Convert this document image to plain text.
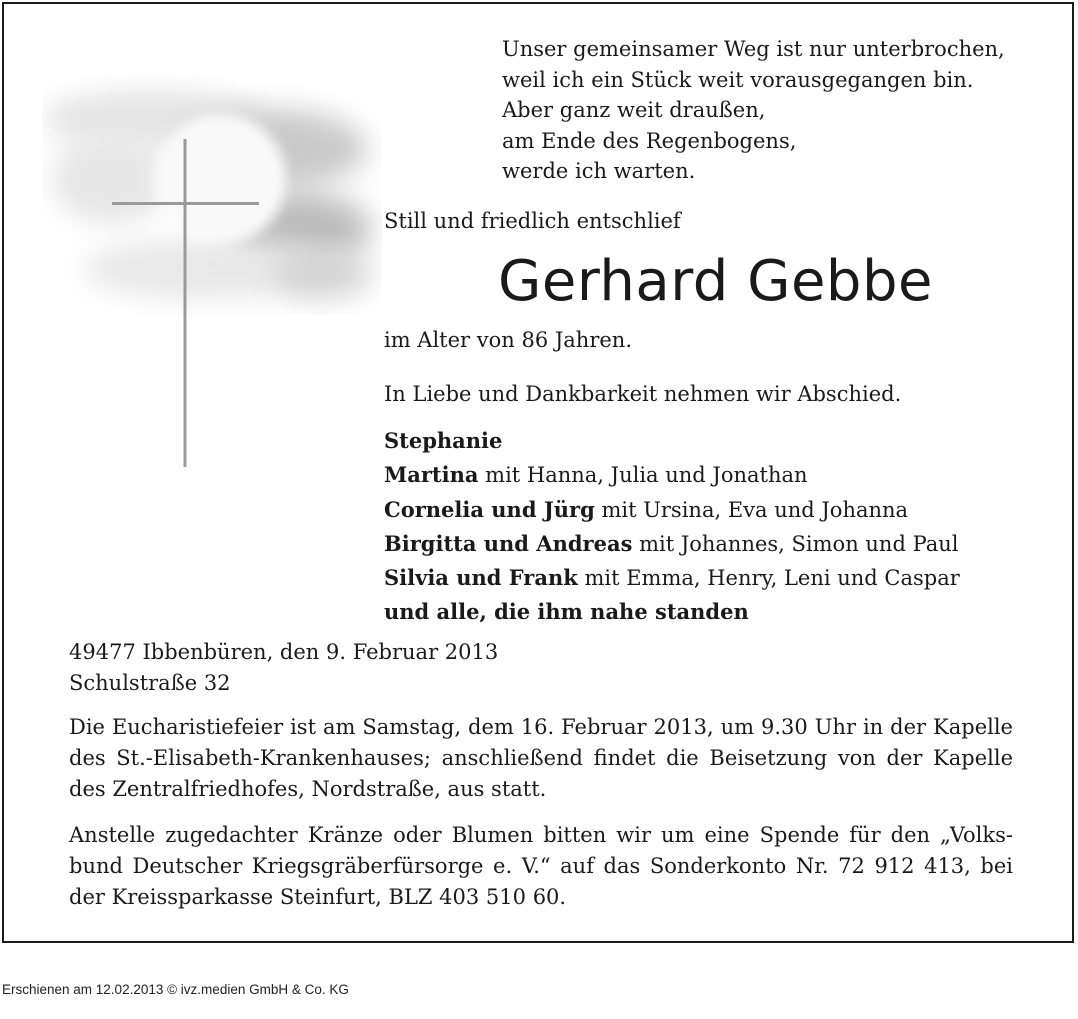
Unser gemeinsamer Weg ist nur unterbrochen,
weil ich ein Stück weit vorausgegangen bin.
Aber ganz weit draußen,
am Ende des Regenbogens,
werde ich warten.
Still und friedlich entschlief
Gerhard Gebbe
im Alter von 86 Jahren.
In Liebe und Dankbarkeit nehmen wir Abschied.
Stephanie
Martina mit Hanna, Julia und Jonathan
Cornelia und Jürg mit Ursina, Eva und Johanna
Birgitta und Andreas mit Johannes, Simon und Paul
Silvia und Frank mit Emma, Henry, Leni und Caspar
und alle, die ihm nahe standen
49477 Ibbenbüren, den 9. Februar 2013
Schulstraße 32
Die Eucharistiefeier ist am Samstag, dem 16. Februar 2013, um 9.30 Uhr in der Kapelle des St.-Elisabeth-Krankenhauses; anschließend findet die Beisetzung von der Kapelle des Zentralfriedhofes, Nordstraße, aus statt.
Anstelle zugedachter Kränze oder Blumen bitten wir um eine Spende für den „Volks-bund Deutscher Kriegsgräberfürsorge e. V.“ auf das Sonderkonto Nr. 72 912 413, bei der Kreissparkasse Steinfurt, BLZ 403 510 60.
Erschienen am 12.02.2013 © ivz.medien GmbH & Co. KG
